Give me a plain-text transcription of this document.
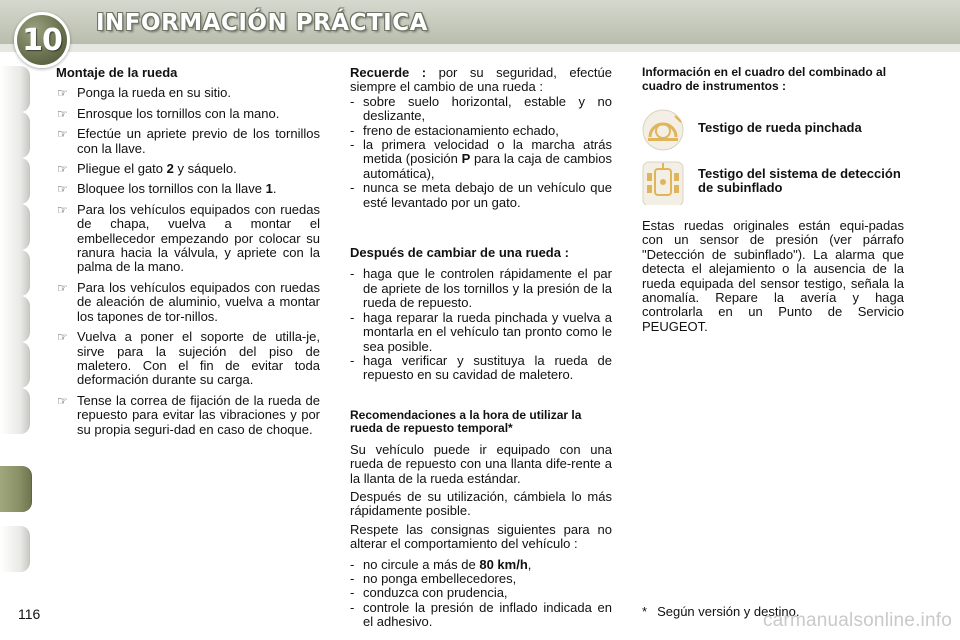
10 INFORMACIÓN PRÁCTICA
Montaje de la rueda
☞ Ponga la rueda en su sitio.
☞ Enrosque los tornillos con la mano.
☞ Efectúe un apriete previo de los tornillos con la llave.
☞ Pliegue el gato 2 y sáquelo.
☞ Bloquee los tornillos con la llave 1.
☞ Para los vehículos equipados con ruedas de chapa, vuelva a montar el embellecedor empezando por colocar su ranura hacia la válvula, y apriete con la palma de la mano.
☞ Para los vehículos equipados con ruedas de aleación de aluminio, vuelva a montar los tapones de tor-nillos.
☞ Vuelva a poner el soporte de utilla-je, sirve para la sujeción del piso de maletero. Con el fin de evitar toda deformación durante su carga.
☞ Tense la correa de fijación de la rueda de repuesto para evitar las vibraciones y por su propia seguri-dad en caso de choque.
Recuerde : por su seguridad, efectúe siempre el cambio de una rueda :
- sobre suelo horizontal, estable y no deslizante,
- freno de estacionamiento echado,
- la primera velocidad o la marcha atrás metida (posición P para la caja de cambios automática),
- nunca se meta debajo de un vehículo que esté levantado por un gato.
Después de cambiar de una rueda :
- haga que le controlen rápidamente el par de apriete de los tornillos y la presión de la rueda de repuesto.
- haga reparar la rueda pinchada y vuelva a montarla en el vehículo tan pronto como le sea posible.
- haga verificar y sustituya la rueda de repuesto en su cavidad de maletero.
Recomendaciones a la hora de utilizar la rueda de repuesto temporal*

Su vehículo puede ir equipado con una rueda de repuesto con una llanta dife-rente a la llanta de la rueda estándar.

Después de su utilización, cámbiela lo más rápidamente posible.

Respete las consignas siguientes para no alterar el comportamiento del vehículo :

- no circule a más de 80 km/h,
- no ponga embellecedores,
- conduzca con prudencia,
- controle la presión de inflado indicada en el adhesivo.
Información en el cuadro del combinado al cuadro de instrumentos :
Testigo de rueda pinchada
Testigo del sistema de detección de subinflado

Estas ruedas originales están equi-padas con un sensor de presión (ver párrafo "Detección de subinflado"). La alarma que detecta el alejamiento o la ausencia de la rueda equipada del sensor testigo, señala la anomalía. Repare la avería y haga controlarla en un Punto de Servicio PEUGEOT.

116	* Según versión y destino.
carmanualsonline.info
